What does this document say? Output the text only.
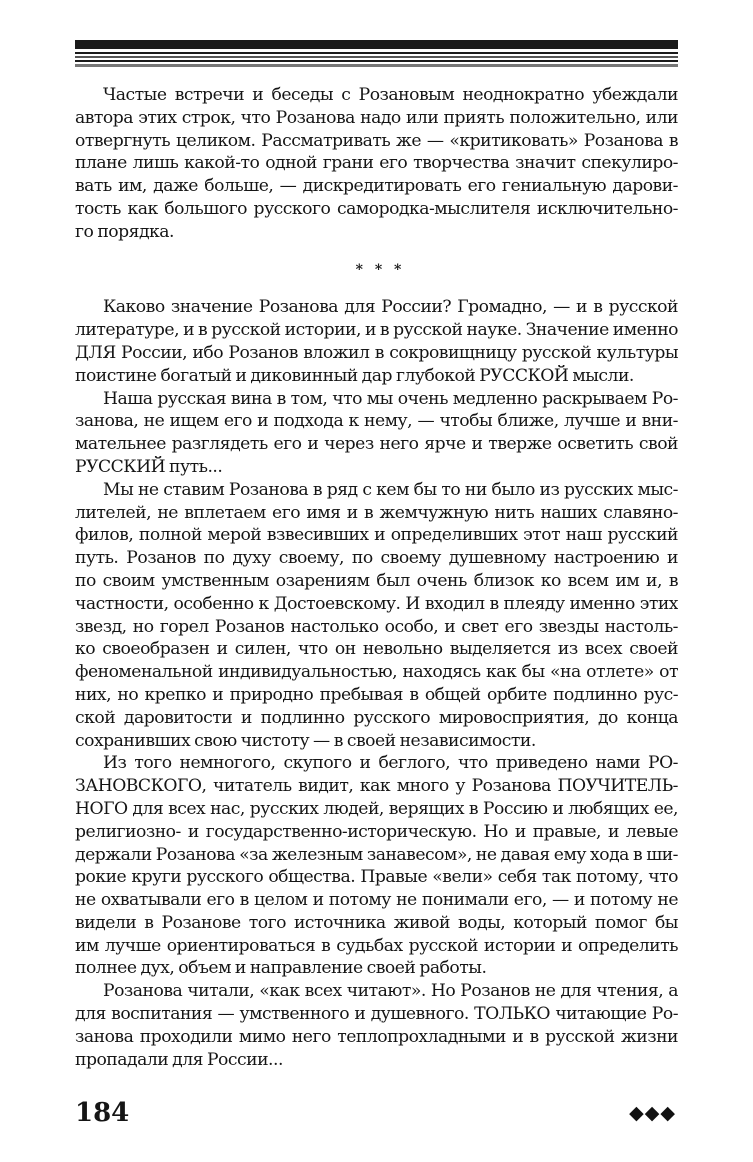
Частые встречи и беседы с Розановым неоднократно убеждали
автора этих строк, что Розанова надо или приять положительно, или
отвергнуть целиком. Рассматривать же — «критиковать» Розанова в
плане лишь какой-то одной грани его творчества значит спекулиро-
вать им, даже больше, — дискредитировать его гениальную дарови-
тость как большого русского самородка-мыслителя исключительно-
го порядка.
* * *
Каково значение Розанова для России? Громадно, — и в русской
литературе, и в русской истории, и в русской науке. Значение именно
ДЛЯ России, ибо Розанов вложил в сокровищницу русской культуры
поистине богатый и диковинный дар глубокой РУССКОЙ мысли.
Наша русская вина в том, что мы очень медленно раскрываем Ро-
занова, не ищем его и подхода к нему, — чтобы ближе, лучше и вни-
мательнее разглядеть его и через него ярче и тверже осветить свой
РУССКИЙ путь...
Мы не ставим Розанова в ряд с кем бы то ни было из русских мыс-
лителей, не вплетаем его имя и в жемчужную нить наших славяно-
филов, полной мерой взвесивших и определивших этот наш русский
путь. Розанов по духу своему, по своему душевному настроению и
по своим умственным озарениям был очень близок ко всем им и, в
частности, особенно к Достоевскому. И входил в плеяду именно этих
звезд, но горел Розанов настолько особо, и свет его звезды настоль-
ко своеобразен и силен, что он невольно выделяется из всех своей
феноменальной индивидуальностью, находясь как бы «на отлете» от
них, но крепко и природно пребывая в общей орбите подлинно рус-
ской даровитости и подлинно русского мировосприятия, до конца
сохранивших свою чистоту — в своей независимости.
Из того немногого, скупого и беглого, что приведено нами РО-
ЗАНОВСКОГО, читатель видит, как много у Розанова ПОУЧИТЕЛЬ-
НОГО для всех нас, русских людей, верящих в Россию и любящих ее,
религиозно- и государственно-историческую. Но и правые, и левые
держали Розанова «за железным занавесом», не давая ему хода в ши-
рокие круги русского общества. Правые «вели» себя так потому, что
не охватывали его в целом и потому не понимали его, — и потому не
видели в Розанове того источника живой воды, который помог бы
им лучше ориентироваться в судьбах русской истории и определить
полнее дух, объем и направление своей работы.
Розанова читали, «как всех читают». Но Розанов не для чтения, а
для воспитания — умственного и душевного. ТОЛЬКО читающие Ро-
занова проходили мимо него теплопрохладными и в русской жизни
пропадали для России...
184	◆◆◆
